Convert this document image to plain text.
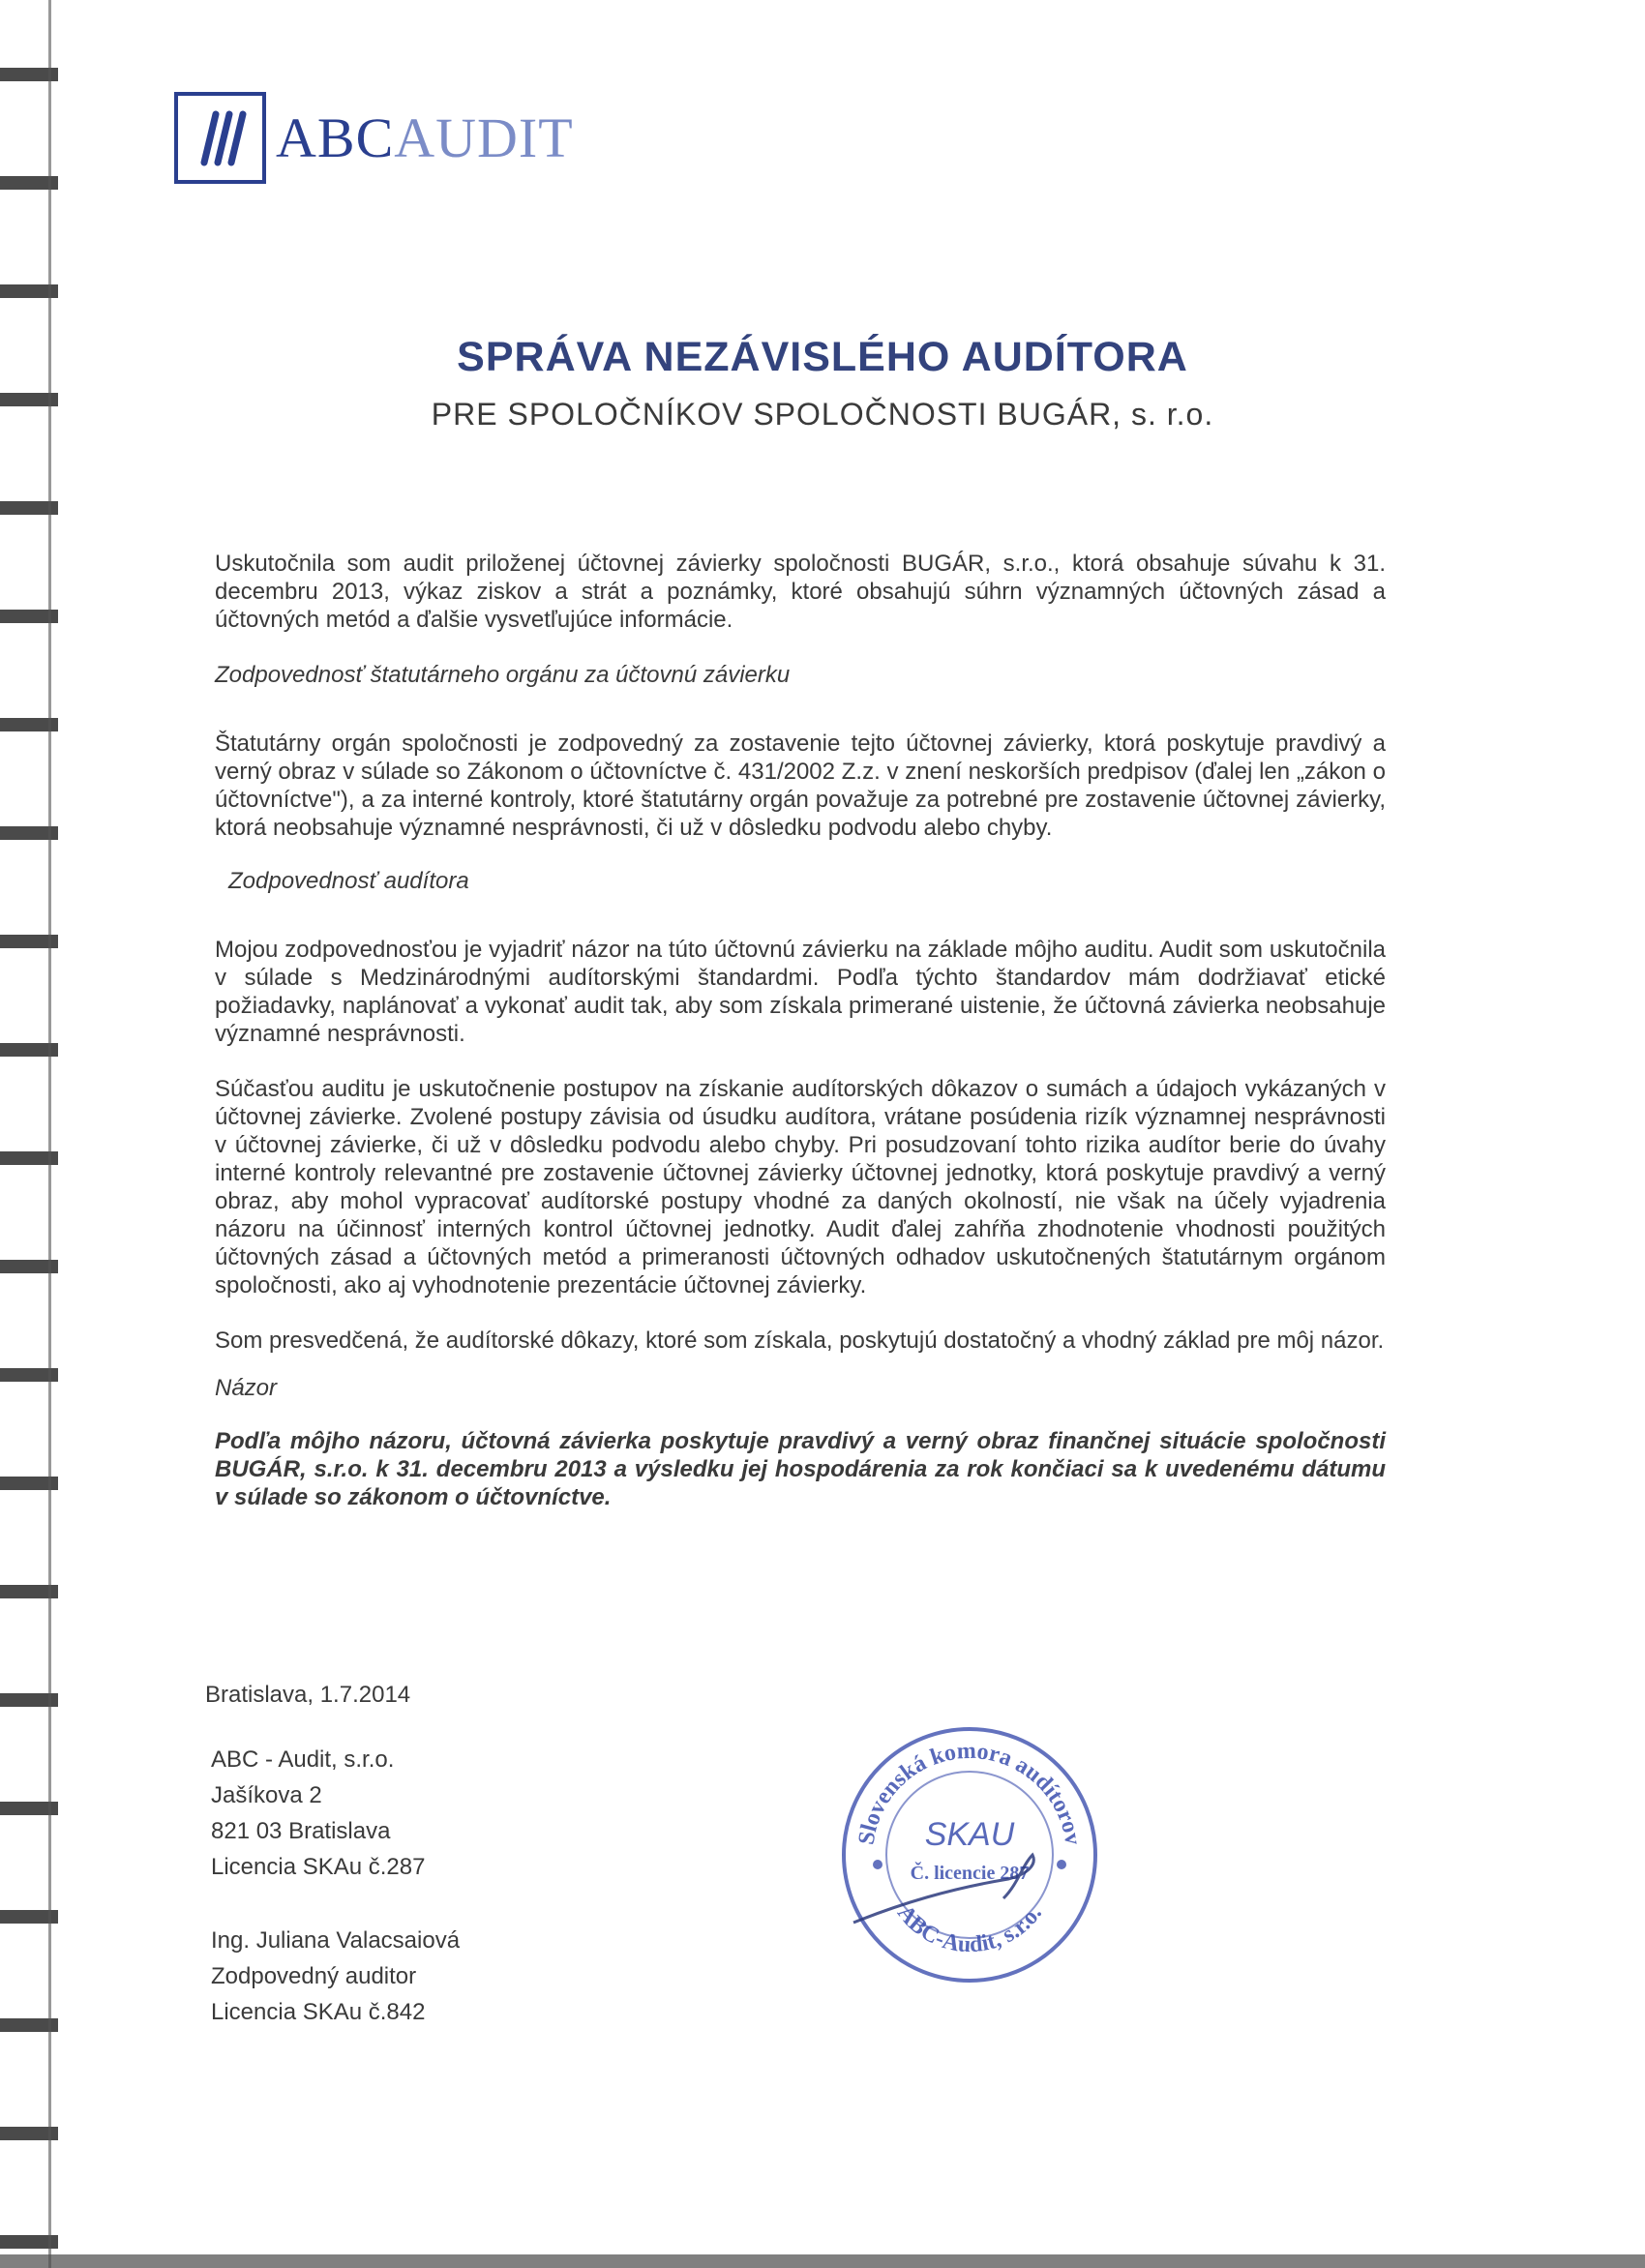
ABCAUDIT
SPRÁVA NEZÁVISLÉHO AUDÍTORA
PRE SPOLOČNÍKOV SPOLOČNOSTI BUGÁR, s. r.o.

Uskutočnila som audit priloženej účtovnej závierky spoločnosti BUGÁR, s.r.o., ktorá obsahuje súvahu k 31. decembru 2013, výkaz ziskov a strát a poznámky, ktoré obsahujú súhrn významných účtovných zásad a účtovných metód a ďalšie vysvetľujúce informácie.

Zodpovednosť štatutárneho orgánu za účtovnú závierku

Štatutárny orgán spoločnosti je zodpovedný za zostavenie tejto účtovnej závierky, ktorá poskytuje pravdivý a verný obraz v súlade so Zákonom o účtovníctve č. 431/2002 Z.z. v znení neskorších predpisov (ďalej len „zákon o účtovníctve"), a za interné kontroly, ktoré štatutárny orgán považuje za potrebné pre zostavenie účtovnej závierky, ktorá neobsahuje významné nesprávnosti, či už v dôsledku podvodu alebo chyby.

Zodpovednosť audítora

Mojou zodpovednosťou je vyjadriť názor na túto účtovnú závierku na základe môjho auditu. Audit som uskutočnila v súlade s Medzinárodnými audítorskými štandardmi. Podľa týchto štandardov mám dodržiavať etické požiadavky, naplánovať a vykonať audit tak, aby som získala primerané uistenie, že účtovná závierka neobsahuje významné nesprávnosti.

Súčasťou auditu je uskutočnenie postupov na získanie audítorských dôkazov o sumách a údajoch vykázaných v účtovnej závierke. Zvolené postupy závisia od úsudku audítora, vrátane posúdenia rizík významnej nesprávnosti v účtovnej závierke, či už v dôsledku podvodu alebo chyby. Pri posudzovaní tohto rizika audítor berie do úvahy interné kontroly relevantné pre zostavenie účtovnej závierky účtovnej jednotky, ktorá poskytuje pravdivý a verný obraz, aby mohol vypracovať audítorské postupy vhodné za daných okolností, nie však na účely vyjadrenia názoru na účinnosť interných kontrol účtovnej jednotky. Audit ďalej zahŕňa zhodnotenie vhodnosti použitých účtovných zásad a účtovných metód a primeranosti účtovných odhadov uskutočnených štatutárnym orgánom spoločnosti, ako aj vyhodnotenie prezentácie účtovnej závierky.

Som presvedčená, že audítorské dôkazy, ktoré som získala, poskytujú dostatočný a vhodný základ pre môj názor.

Názor

Podľa môjho názoru, účtovná závierka poskytuje pravdivý a verný obraz finančnej situácie spoločnosti BUGÁR, s.r.o. k 31. decembru 2013 a výsledku jej hospodárenia za rok končiaci sa k uvedenému dátumu v súlade so zákonom o účtovníctve.

Bratislava, 1.7.2014
ABC - Audit, s.r.o.
Jašíkova 2
821 03 Bratislava
Licencia SKAu č.287
Ing. Juliana Valacsaiová
Zodpovedný auditor
Licencia SKAu č.842
Slovenská komora audítorov
ABC-Audit, s.r.o.
SKAU
Č. licencie 287
